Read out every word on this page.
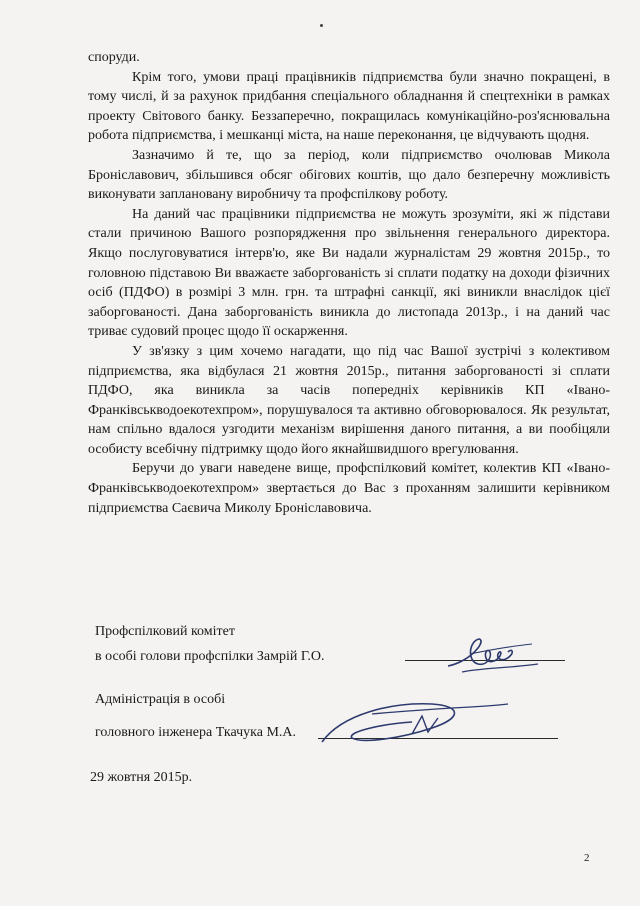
споруди.

Крім того, умови праці працівників підприємства були значно покращені, в тому числі, й за рахунок придбання спеціального обладнання й спецтехніки в рамках проекту Світового банку. Беззаперечно, покращилась комунікаційно-роз'яснювальна робота підприємства, і мешканці міста, на наше переконання, це відчувають щодня.

Зазначимо й те, що за період, коли підприємство очолював Микола Броніславович, збільшився обсяг обігових коштів, що дало безперечну можливість виконувати заплановану виробничу та профспілкову роботу.

На даний час працівники підприємства не можуть зрозуміти, які ж підстави стали причиною Вашого розпорядження про звільнення генерального директора. Якщо послуговуватися інтерв'ю, яке Ви надали журналістам 29 жовтня 2015р., то головною підставою Ви вважаєте заборгованість зі сплати податку на доходи фізичних осіб (ПДФО) в розмірі 3 млн. грн. та штрафні санкції, які виникли внаслідок цієї заборгованості. Дана заборгованість виникла до листопада 2013р., і на даний час триває судовий процес щодо її оскарження.

У зв'язку з цим хочемо нагадати, що під час Вашої зустрічі з колективом підприємства, яка відбулася 21 жовтня 2015р., питання заборгованості зі сплати ПДФО, яка виникла за часів попередніх керівників КП «Івано-Франківськводоекотехпром», порушувалося та активно обговорювалося. Як результат, нам спільно вдалося узгодити механізм вирішення даного питання, а ви пообіцяли особисту всебічну підтримку щодо його якнайшвидшого врегулювання.

Беручи до уваги наведене вище, профспілковий комітет, колектив КП «Івано-Франківськводоекотехпром» звертається до Вас з проханням залишити керівником підприємства Саєвича Миколу Броніславовича.

Профспілковий комітет
в особі голови профспілки Замрій Г.О.
Адміністрація в особі
головного інженера Ткачука М.А.
29 жовтня 2015р.
2
